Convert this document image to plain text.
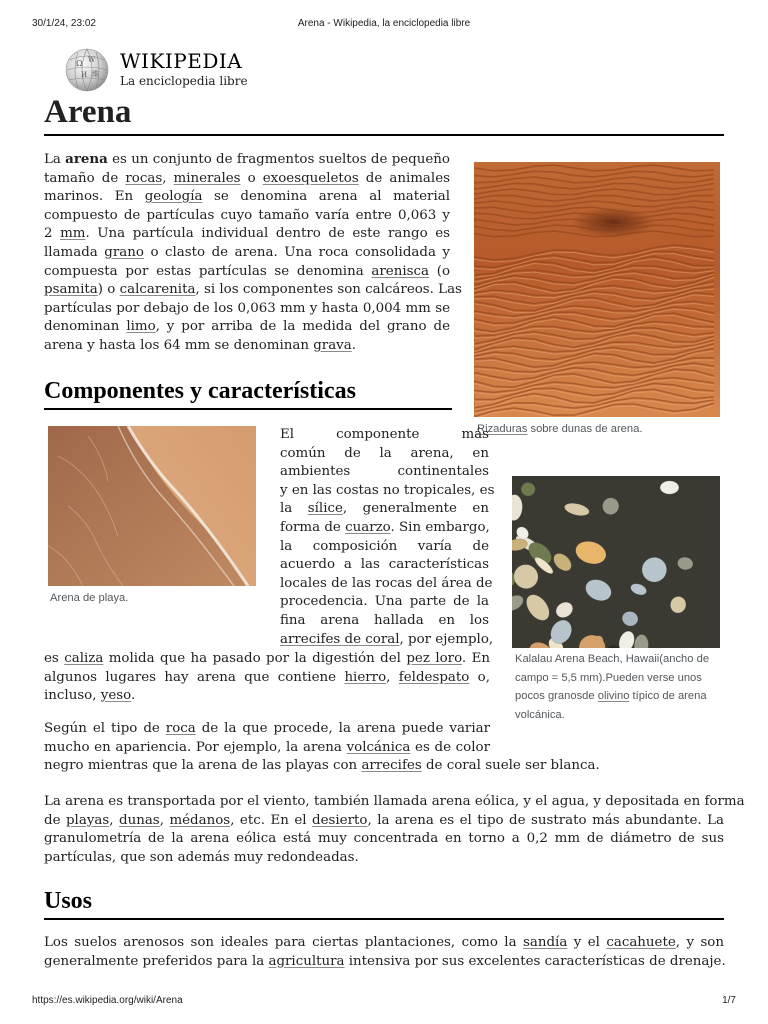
30/1/24, 23:02	Arena - Wikipedia, la enciclopedia libre
Ω W
И 維
WIKIPEDIA
La enciclopedia libre
Arena
La arena es un conjunto de fragmentos sueltos de pequeño
tamaño de rocas, minerales o exoesqueletos de animales
marinos. En geología se denomina arena al material
compuesto de partículas cuyo tamaño varía entre 0,063 y
2 mm. Una partícula individual dentro de este rango es
llamada grano o clasto de arena. Una roca consolidada y
compuesta por estas partículas se denomina arenisca (o
psamita) o calcarenita, si los componentes son calcáreos. Las
partículas por debajo de los 0,063 mm y hasta 0,004 mm se
denominan limo, y por arriba de la medida del grano de
arena y hasta los 64 mm se denominan grava.
Rizaduras sobre dunas de arena.
Componentes y características
Arena de playa.
El componente más
común de la arena, en
ambientes continentales
y en las costas no tropicales, es
la sílice, generalmente en
forma de cuarzo. Sin embargo,
la composición varía de
acuerdo a las características
locales de las rocas del área de
procedencia. Una parte de la
fina arena hallada en los
arrecifes de coral, por ejemplo,
Kalalau Arena Beach, Hawaii(ancho de campo = 5,5 mm).Pueden verse unos pocos granosde olivino típico de arena volcánica.
es caliza molida que ha pasado por la digestión del pez loro. En
algunos lugares hay arena que contiene hierro, feldespato o,
incluso, yeso.
Según el tipo de roca de la que procede, la arena puede variar
mucho en apariencia. Por ejemplo, la arena volcánica es de color
negro mientras que la arena de las playas con arrecifes de coral suele ser blanca.
La arena es transportada por el viento, también llamada arena eólica, y el agua, y depositada en forma
de playas, dunas, médanos, etc. En el desierto, la arena es el tipo de sustrato más abundante. La
granulometría de la arena eólica está muy concentrada en torno a 0,2 mm de diámetro de sus
partículas, que son además muy redondeadas.
Usos
Los suelos arenosos son ideales para ciertas plantaciones, como la sandía y el cacahuete, y son
generalmente preferidos para la agricultura intensiva por sus excelentes características de drenaje.
https://es.wikipedia.org/wiki/Arena	1/7
